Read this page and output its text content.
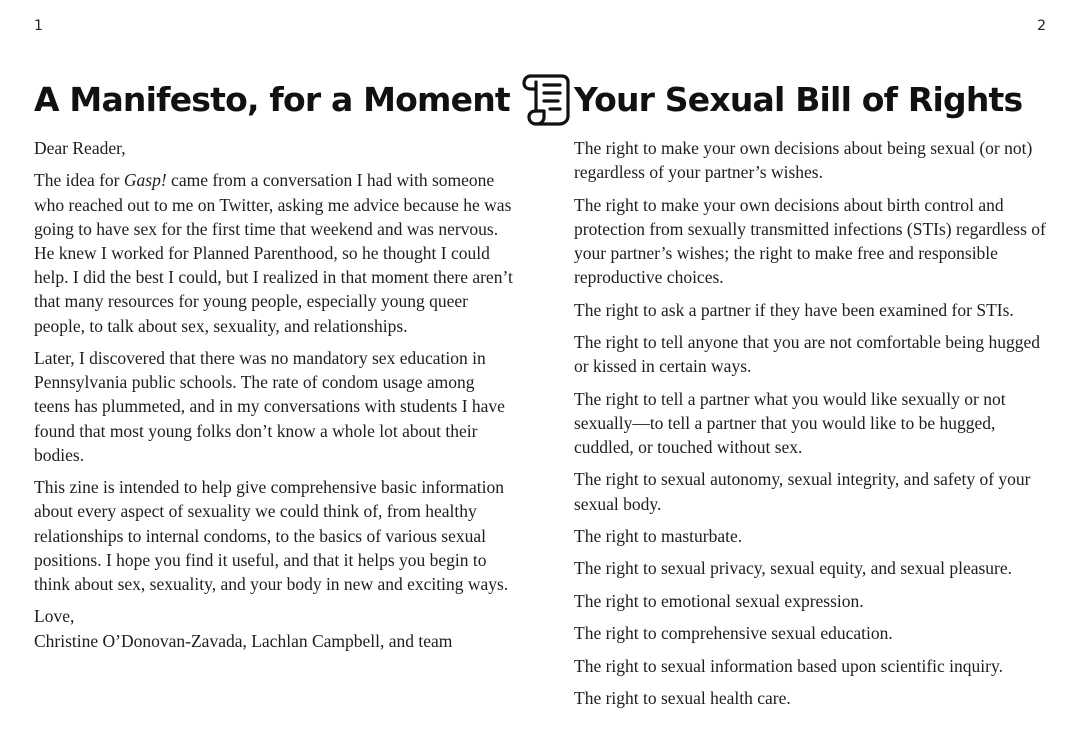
1	2
A Manifesto, for a Moment

Dear Reader,

The idea for Gasp! came from a conversation I had with someone who reached out to me on Twitter, asking me advice because he was going to have sex for the first time that weekend and was nervous. He knew I worked for Planned Parenthood, so he thought I could help. I did the best I could, but I realized in that moment there aren’t that many resources for young people, especially young queer people, to talk about sex, sexuality, and relationships.

Later, I discovered that there was no mandatory sex education in Pennsylvania public schools. The rate of condom usage among teens has plummeted, and in my conversations with students I have found that most young folks don’t know a whole lot about their bodies.

This zine is intended to help give comprehensive basic information about every aspect of sexuality we could think of, from healthy relationships to internal condoms, to the basics of various sexual positions. I hope you find it useful, and that it helps you begin to think about sex, sexuality, and your body in new and exciting ways.

Love,
Christine O’Donovan-Zavada, Lachlan Campbell, and team

Your Sexual Bill of Rights

The right to make your own decisions about being sexual (or not) regardless of your partner’s wishes.

The right to make your own decisions about birth control and protection from sexually transmitted infections (STIs) regardless of your partner’s wishes; the right to make free and responsible reproductive choices.

The right to ask a partner if they have been examined for STIs.

The right to tell anyone that you are not comfortable being hugged or kissed in certain ways.

The right to tell a partner what you would like sexually or not sexually—to tell a partner that you would like to be hugged, cuddled, or touched without sex.

The right to sexual autonomy, sexual integrity, and safety of your sexual body.

The right to masturbate.

The right to sexual privacy, sexual equity, and sexual pleasure.

The right to emotional sexual expression.

The right to comprehensive sexual education.

The right to sexual information based upon scientific inquiry.

The right to sexual health care.
